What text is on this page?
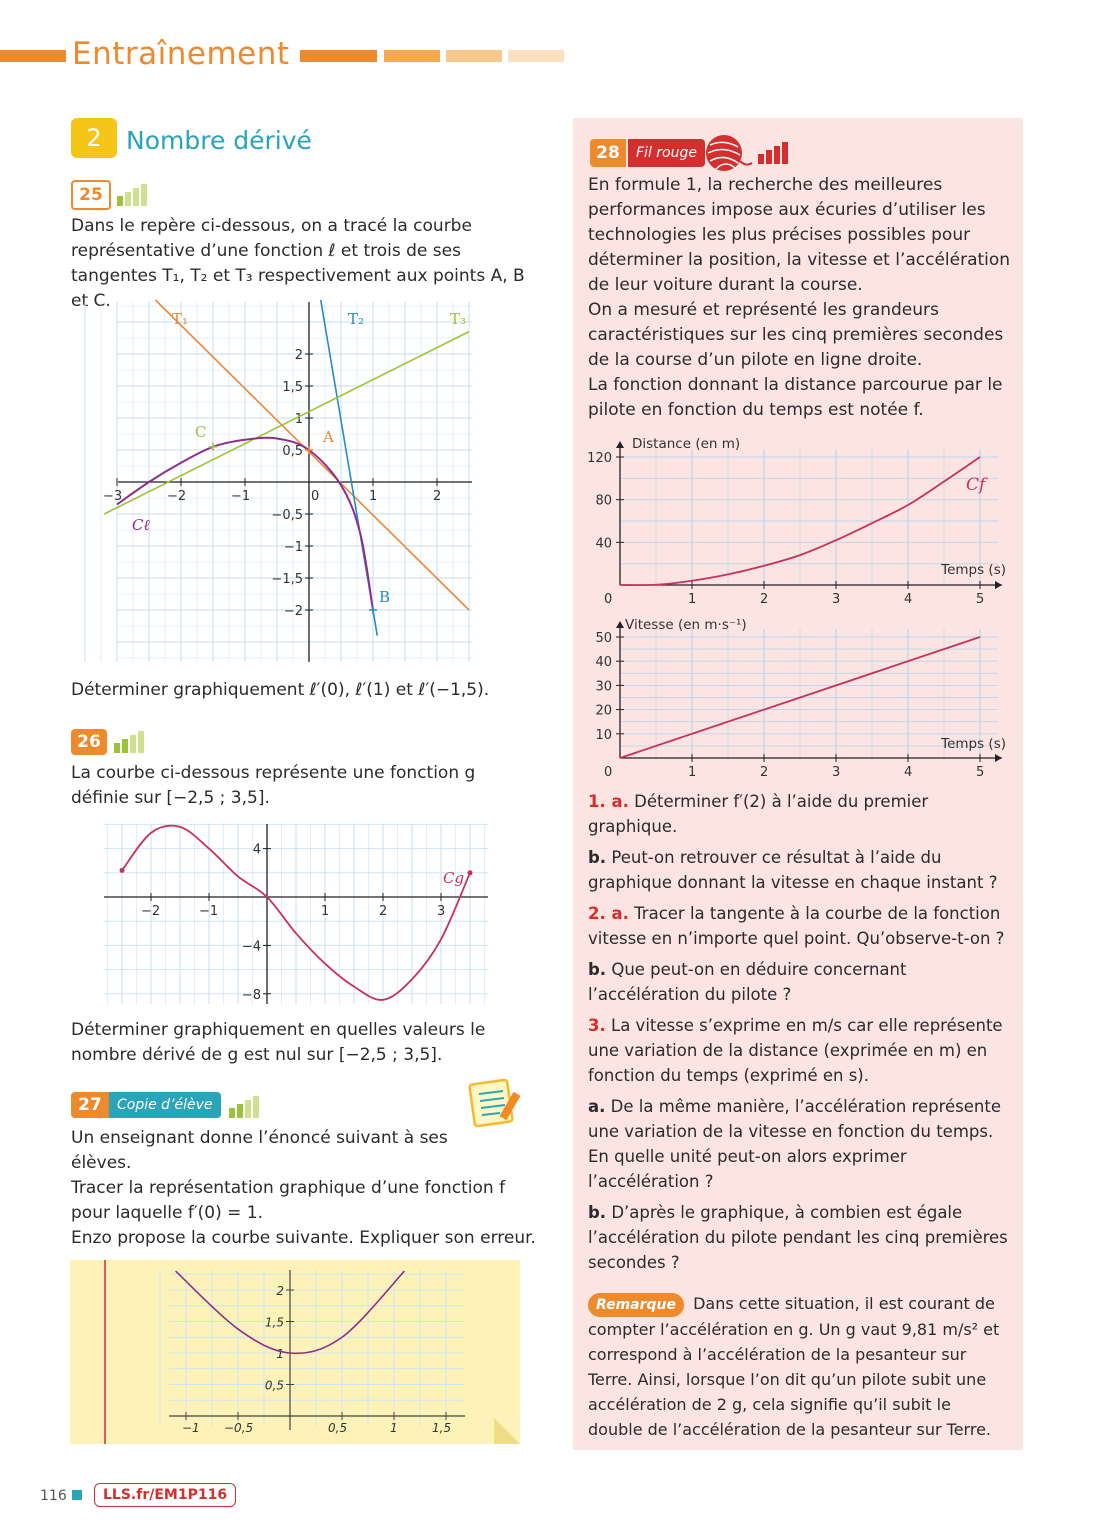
Entraînement
2 Nombre dérivé
25
Dans le repère ci-dessous, on a tracé la courbe représentative d’une fonction ℓ et trois de ses tangentes T₁, T₂ et T₃ respectivement aux points A, B et C.
−3	−2	−1	0	1	2
2
1,5
1
0,5
−0,5
−1
−1,5
−2
T₁	T₂	T₃
Cℓ
A
B
C
Déterminer graphiquement ℓ′(0), ℓ′(1) et ℓ′(−1,5).
26
La courbe ci-dessous représente une fonction g
définie sur [−2,5 ; 3,5].
−2	−1	1	2	3
4
−4
−8
Cg
Déterminer graphiquement en quelles valeurs le
nombre dérivé de g est nul sur [−2,5 ; 3,5].
27	Copie d’élève
Un enseignant donne l’énoncé suivant à ses
élèves.
Tracer la représentation graphique d’une fonction f
pour laquelle f′(0) = 1.
Enzo propose la courbe suivante. Expliquer son erreur.
−1 −0,5	0,5	1	1,5
2
1,5
1
0,5
28	Fil rouge
En formule 1, la recherche des meilleures
performances impose aux écuries d’utiliser les
technologies les plus précises possibles pour
déterminer la position, la vitesse et l’accélération
de leur voiture durant la course.
On a mesuré et représenté les grandeurs
caractéristiques sur les cinq premières secondes
de la course d’un pilote en ligne droite.
La fonction donnant la distance parcourue par le
pilote en fonction du temps est notée f.
0	1	2	3	4	5
120
80
40
Distance (en m)
Temps (s)
Cf
0	1	2	3	4	5
50
40
30
20
10
Vitesse (en m·s⁻¹)
Temps (s)
1. a. Déterminer f′(2) à l’aide du premier graphique.
b. Peut-on retrouver ce résultat à l’aide du graphique donnant la vitesse en chaque instant ?
2. a. Tracer la tangente à la courbe de la fonction vitesse en n’importe quel point. Qu’observe-t-on ?
b. Que peut-on en déduire concernant l’accélération du pilote ?
3. La vitesse s’exprime en m/s car elle représente une variation de la distance (exprimée en m) en fonction du temps (exprimé en s).
a. De la même manière, l’accélération représente une variation de la vitesse en fonction du temps. En quelle unité peut-on alors exprimer l’accélération ?
b. D’après le graphique, à combien est égale l’accélération du pilote pendant les cinq premières secondes ?
Remarque Dans cette situation, il est courant de compter l’accélération en g. Un g vaut 9,81 m/s² et correspond à l’accélération de la pesanteur sur Terre. Ainsi, lorsque l’on dit qu’un pilote subit une accélération de 2 g, cela signifie qu’il subit le double de l’accélération de la pesanteur sur Terre.
116	LLS.fr/EM1P116
